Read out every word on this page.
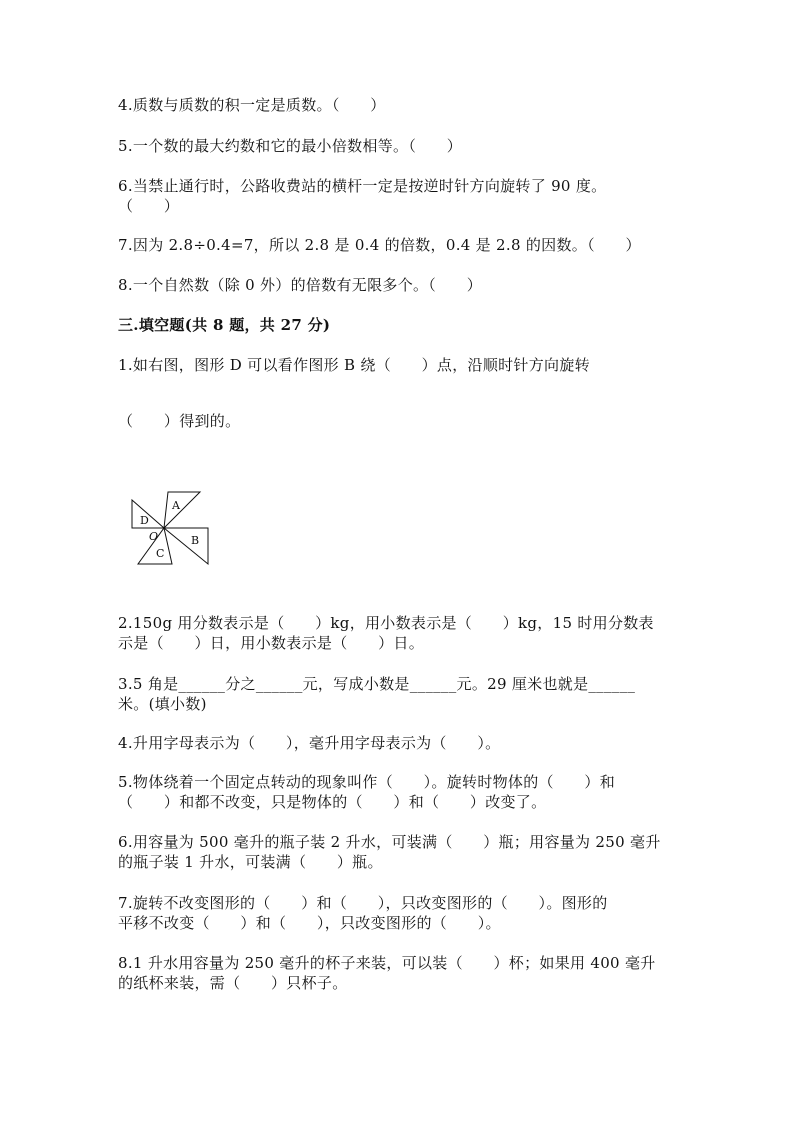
4.质数与质数的积一定是质数。（　　）
5.一个数的最大约数和它的最小倍数相等。（　　）
6.当禁止通行时，公路收费站的横杆一定是按逆时针方向旋转了 90 度。
（　　）
7.因为 2.8÷0.4=7，所以 2.8 是 0.4 的倍数，0.4 是 2.8 的因数。（　　）
8.一个自然数（除 0 外）的倍数有无限多个。（　　）
三.填空题(共 8 题，共 27 分)
1.如右图，图形 D 可以看作图形 B 绕（　　）点，沿顺时针方向旋转
（　　）得到的。
A
B
C
D
O
2.150g 用分数表示是（　　）kg，用小数表示是（　　）kg，15 时用分数表
示是（　　）日，用小数表示是（　　）日。
3.5 角是______分之______元，写成小数是______元。29 厘米也就是______
米。(填小数)
4.升用字母表示为（　　），毫升用字母表示为（　　）。
5.物体绕着一个固定点转动的现象叫作（　　）。旋转时物体的（　　）和
（　　）和都不改变，只是物体的（　　）和（　　）改变了。
6.用容量为 500 毫升的瓶子装 2 升水，可装满（　　）瓶；用容量为 250 毫升
的瓶子装 1 升水，可装满（　　）瓶。
7.旋转不改变图形的（　　）和（　　），只改变图形的（　　）。图形的
平移不改变（　　）和（　　），只改变图形的（　　）。
8.1 升水用容量为 250 毫升的杯子来装，可以装（　　）杯；如果用 400 毫升
的纸杯来装，需（　　）只杯子。
